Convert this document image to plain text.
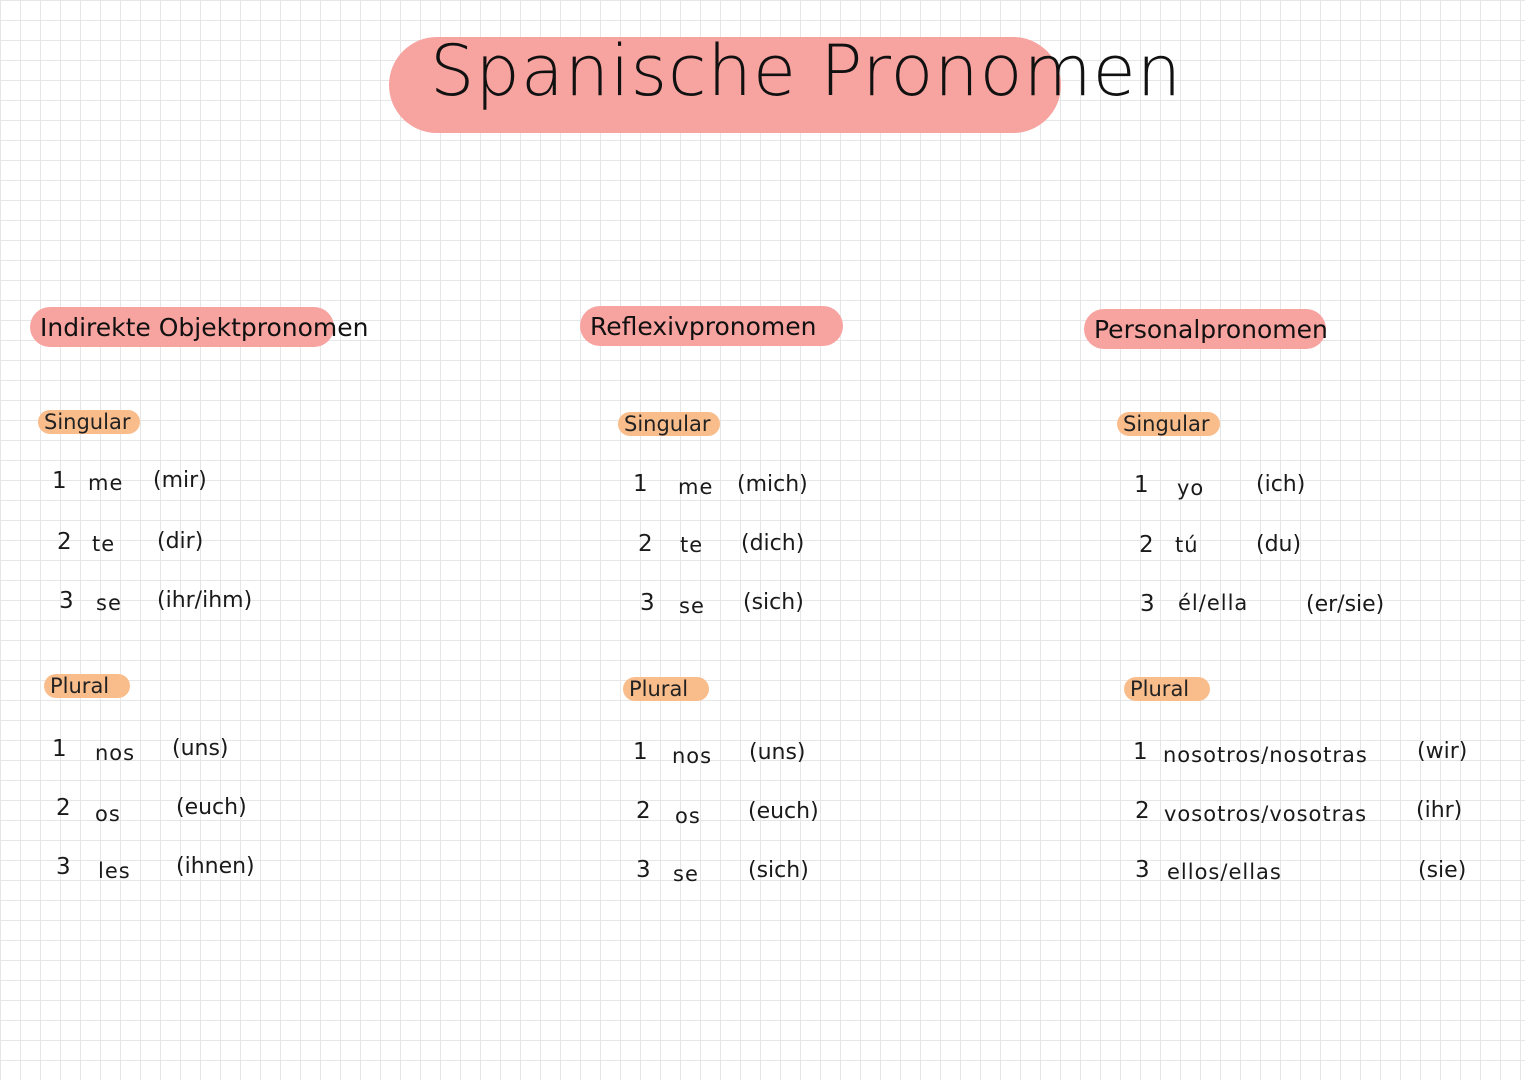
Spanische Pronomen
Indirekte Objektpronomen
Singular
1 me (mir)
2 te (dir)
3 se (ihr/ihm)
Plural
1 nos (uns)
2 os	(euch)
3 les (ihnen)
Reflexivpronomen
Singular
1 me (mich)
2 te (dich)
3 se (sich)
Plural
1 nos (uns)
2 os (euch)
3 se (sich)
Personalpronomen
Singular
1 yo (ich)
2 tú	(du)
3 él/ella	(er/sie)
Plural
1 nosotros/nosotras (wir)
2 vosotros/vosotras (ihr)
3 ellos/ellas	(sie)
